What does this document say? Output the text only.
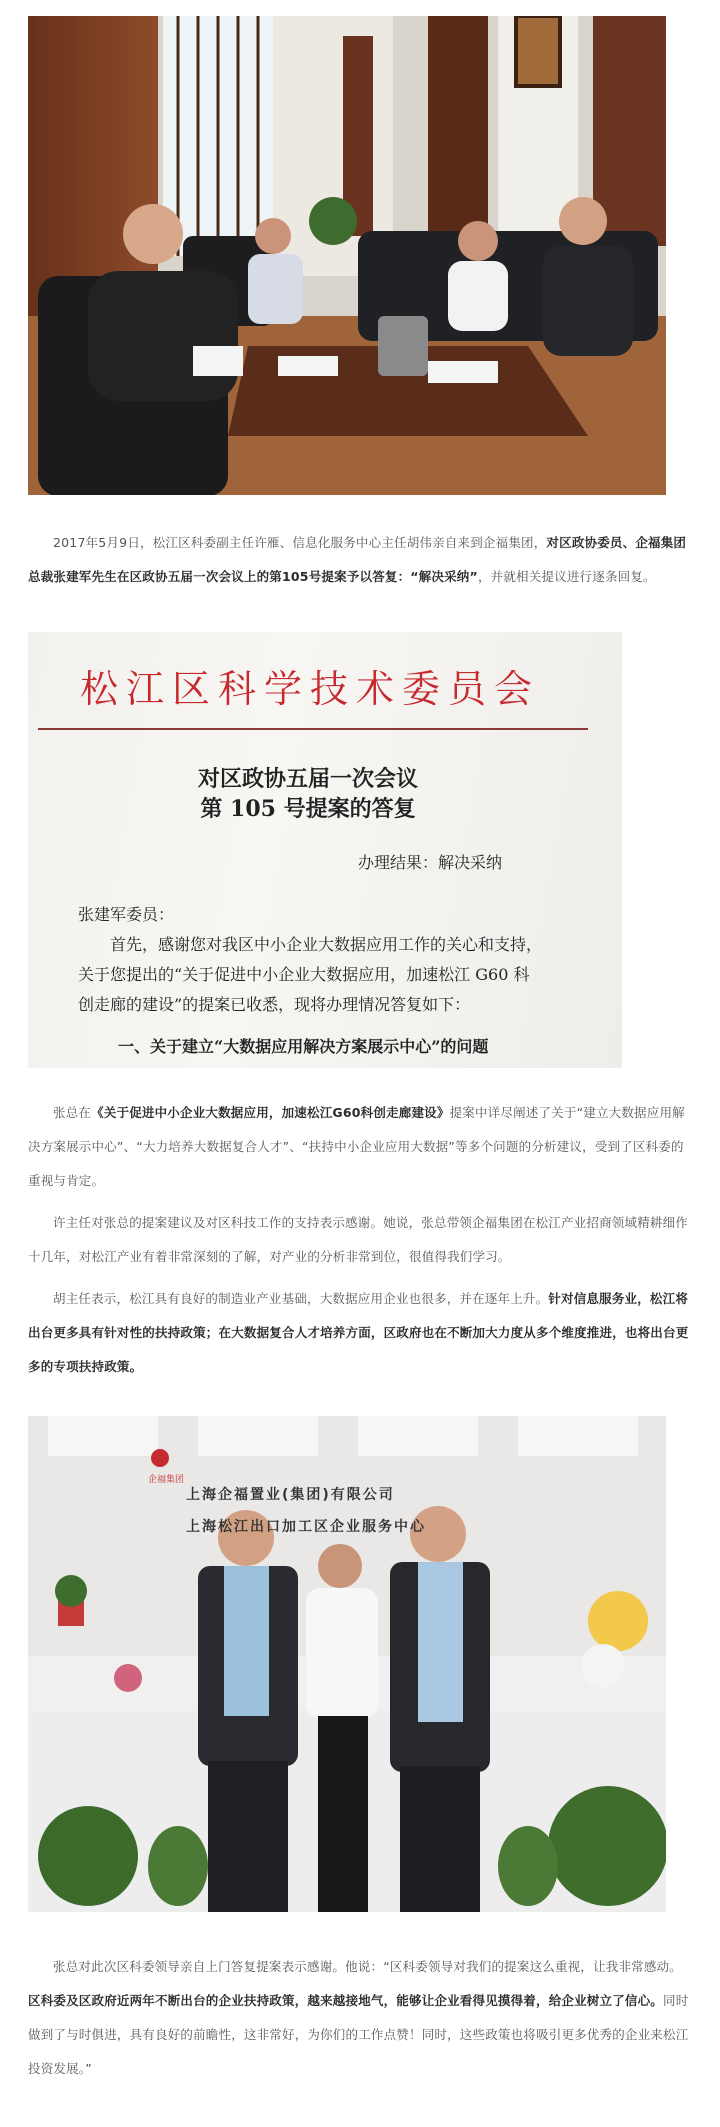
2017年5月9日，松江区科委副主任许雁、信息化服务中心主任胡伟亲自来到企福集团，对区政协委员、企福集团总裁张建军先生在区政协五届一次会议上的第105号提案予以答复：“解决采纳”，并就相关提议进行逐条回复。

松江区科学技术委员会
对区政协五届一次会议
第 105 号提案的答复
办理结果：解决采纳
张建军委员：
首先，感谢您对我区中小企业大数据应用工作的关心和支持，
关于您提出的“关于促进中小企业大数据应用，加速松江 G60 科
创走廊的建设”的提案已收悉，现将办理情况答复如下：
一、关于建立“大数据应用解决方案展示中心”的问题

张总在《关于促进中小企业大数据应用，加速松江G60科创走廊建设》提案中详尽阐述了关于“建立大数据应用解决方案展示中心”、“大力培养大数据复合人才”、“扶持中小企业应用大数据”等多个问题的分析建议，受到了区科委的重视与肯定。

许主任对张总的提案建议及对区科技工作的支持表示感谢。她说，张总带领企福集团在松江产业招商领域精耕细作十几年，对松江产业有着非常深刻的了解，对产业的分析非常到位，很值得我们学习。

胡主任表示，松江具有良好的制造业产业基础，大数据应用企业也很多，并在逐年上升。针对信息服务业，松江将出台更多具有针对性的扶持政策；在大数据复合人才培养方面，区政府也在不断加大力度从多个维度推进，也将出台更多的专项扶持政策。

企福集团
上海企福置业(集团)有限公司
上海松江出口加工区企业服务中心

张总对此次区科委领导亲自上门答复提案表示感谢。他说：“区科委领导对我们的提案这么重视，让我非常感动。区科委及区政府近两年不断出台的企业扶持政策，越来越接地气，能够让企业看得见摸得着，给企业树立了信心。同时做到了与时俱进，具有良好的前瞻性，这非常好，为你们的工作点赞！同时，这些政策也将吸引更多优秀的企业来松江投资发展。”
